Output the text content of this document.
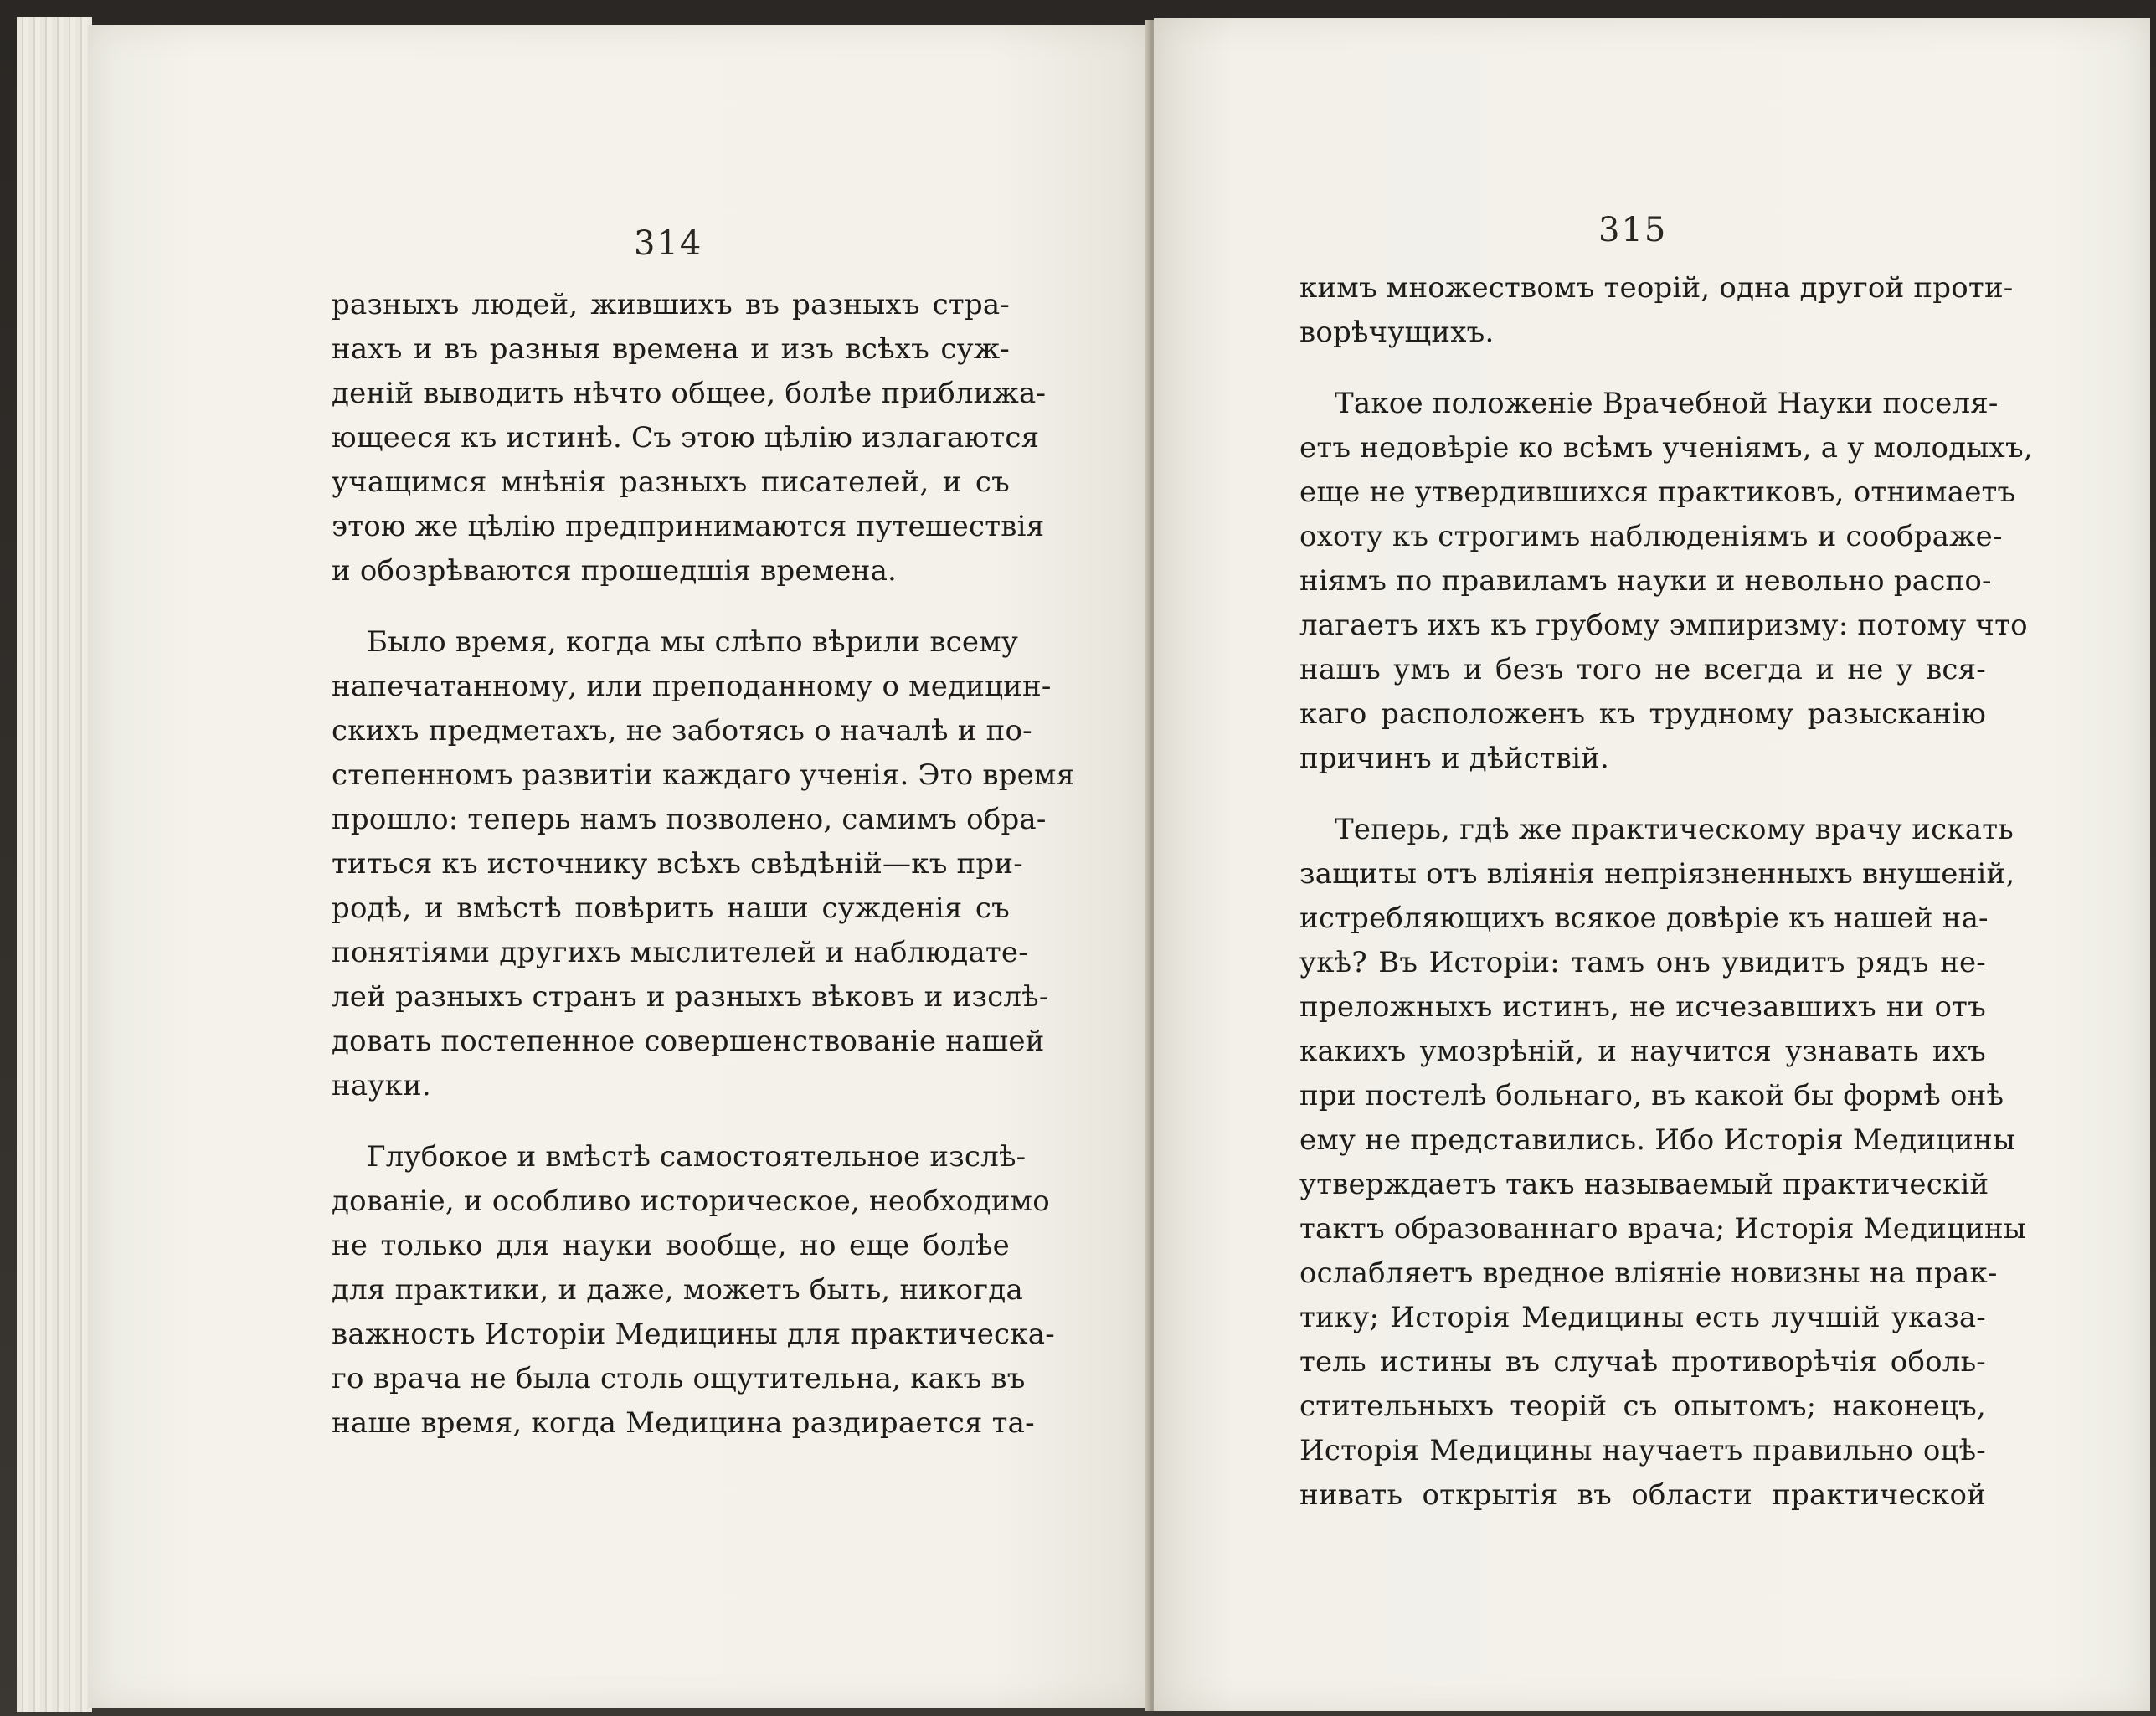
314	315
разныхъ людей, жившихъ въ разныхъ стра-
нахъ и въ разныя времена и изъ всѣхъ суж-
деній выводить нѣчто общее, болѣе приближа-
ющееся къ истинѣ. Съ этою цѣлію излагаются
учащимся мнѣнія разныхъ писателей, и съ
этою же цѣлію предпринимаются путешествія
и обозрѣваются прошедшія времена.
Было время, когда мы слѣпо вѣрили всему
напечатанному, или преподанному о медицин-
скихъ предметахъ, не заботясь о началѣ и по-
степенномъ развитіи каждаго ученія. Это время
прошло: теперь намъ позволено, самимъ обра-
титься къ источнику всѣхъ свѣдѣній—къ при-
родѣ, и вмѣстѣ повѣрить наши сужденія съ
понятіями другихъ мыслителей и наблюдате-
лей разныхъ странъ и разныхъ вѣковъ и изслѣ-
довать постепенное совершенствованіе нашей
науки.
Глубокое и вмѣстѣ самостоятельное изслѣ-
дованіе, и особливо историческое, необходимо
не только для науки вообще, но еще болѣе
для практики, и даже, можетъ быть, никогда
важность Исторіи Медицины для практическа-
го врача не была столь ощутительна, какъ въ
наше время, когда Медицина раздирается та-
кимъ множествомъ теорій, одна другой проти-
ворѣчущихъ.
Такое положеніе Врачебной Науки поселя-
етъ недовѣріе ко всѣмъ ученіямъ, а у молодыхъ,
еще не утвердившихся практиковъ, отнимаетъ
охоту къ строгимъ наблюденіямъ и соображе-
ніямъ по правиламъ науки и невольно распо-
лагаетъ ихъ къ грубому эмпиризму: потому что
нашъ умъ и безъ того не всегда и не у вся-
каго расположенъ къ трудному разысканію
причинъ и дѣйствій.
Теперь, гдѣ же практическому врачу искать
защиты отъ вліянія непріязненныхъ внушеній,
истребляющихъ всякое довѣріе къ нашей на-
укѣ? Въ Исторіи: тамъ онъ увидитъ рядъ не-
преложныхъ истинъ, не исчезавшихъ ни отъ
какихъ умозрѣній, и научится узнавать ихъ
при постелѣ больнаго, въ какой бы формѣ онѣ
ему не представились. Ибо Исторія Медицины
утверждаетъ такъ называемый практическій
тактъ образованнаго врача; Исторія Медицины
ослабляетъ вредное вліяніе новизны на прак-
тику; Исторія Медицины есть лучшій указа-
тель истины въ случаѣ противорѣчія оболь-
стительныхъ теорій съ опытомъ; наконецъ,
Исторія Медицины научаетъ правильно оцѣ-
нивать открытія въ области практической
